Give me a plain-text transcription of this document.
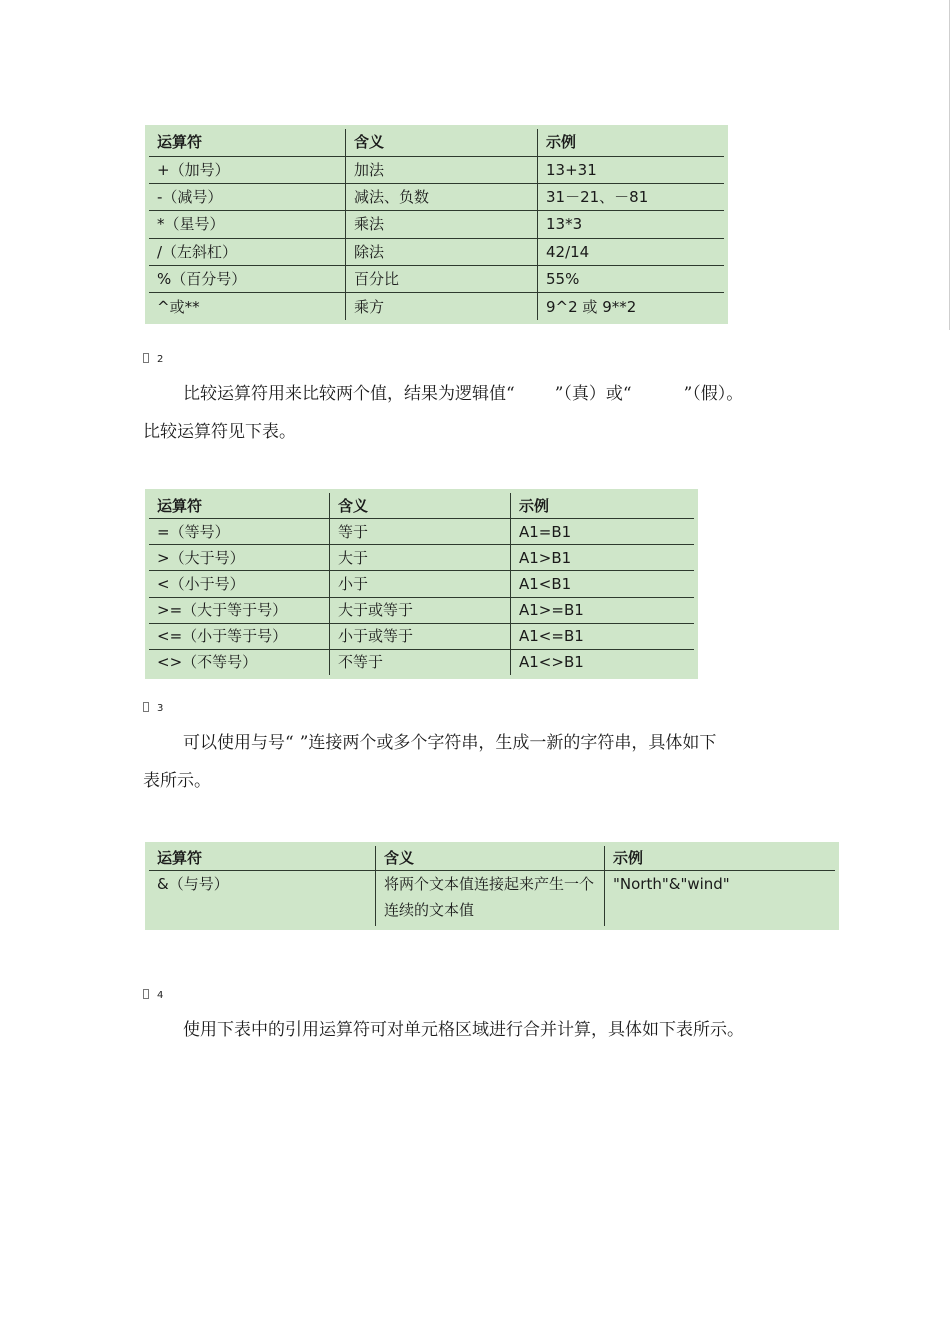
运算符	含义	示例
+（加号）	加法	13+31
-（减号）	减法、负数	31－21、－81
*（星号）	乘法	13*3
/（左斜杠）	除法	42/14
%（百分号）	百分比	55%
^或**	乘方	9^2 或 9**2
2
比较运算符用来比较两个值，结果为逻辑值“ ”（真）或“	”（假）。
比较运算符见下表。
运算符	含义	示例
=（等号）	等于	A1=B1
>（大于号）	大于	A1>B1
<（小于号）	小于	A1<B1
>=（大于等于号）	大于或等于	A1>=B1
<=（小于等于号）	小于或等于	A1<=B1
<>（不等号）	不等于	A1<>B1
3
可以使用与号“ ”连接两个或多个字符串，生成一新的字符串，具体如下
表所示。
运算符	含义	示例
&（与号）	将两个文本值连接起来产生一个连续的文本值	"North"&"wind"
4
使用下表中的引用运算符可对单元格区域进行合并计算，具体如下表所示。
